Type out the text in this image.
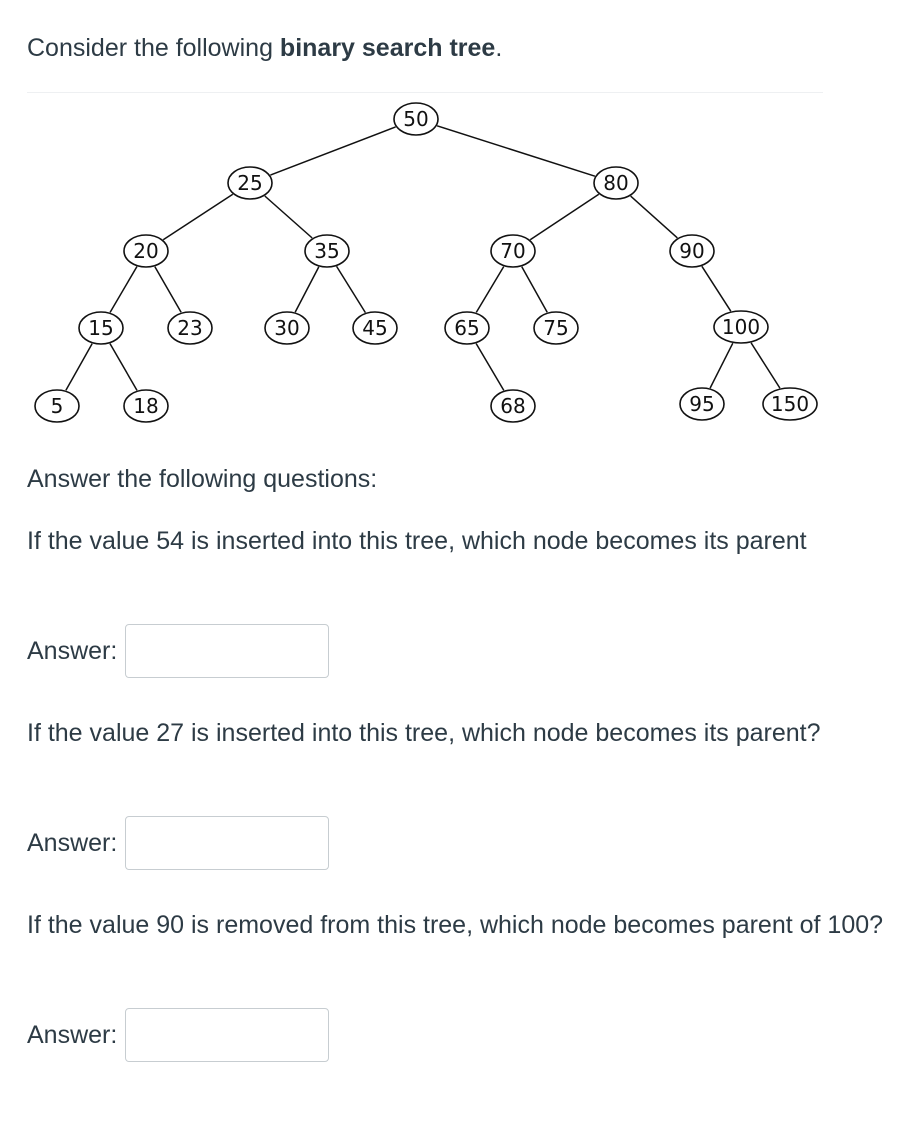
Consider the following binary search tree.

50
25	80
20	35	70	90
15	23	30	45	65	75	100
5	18	68	95	150

Answer the following questions:

If the value 54 is inserted into this tree, which node becomes its parent

Answer:

If the value 27 is inserted into this tree, which node becomes its parent?

Answer:

If the value 90 is removed from this tree, which node becomes parent of 100?

Answer:
